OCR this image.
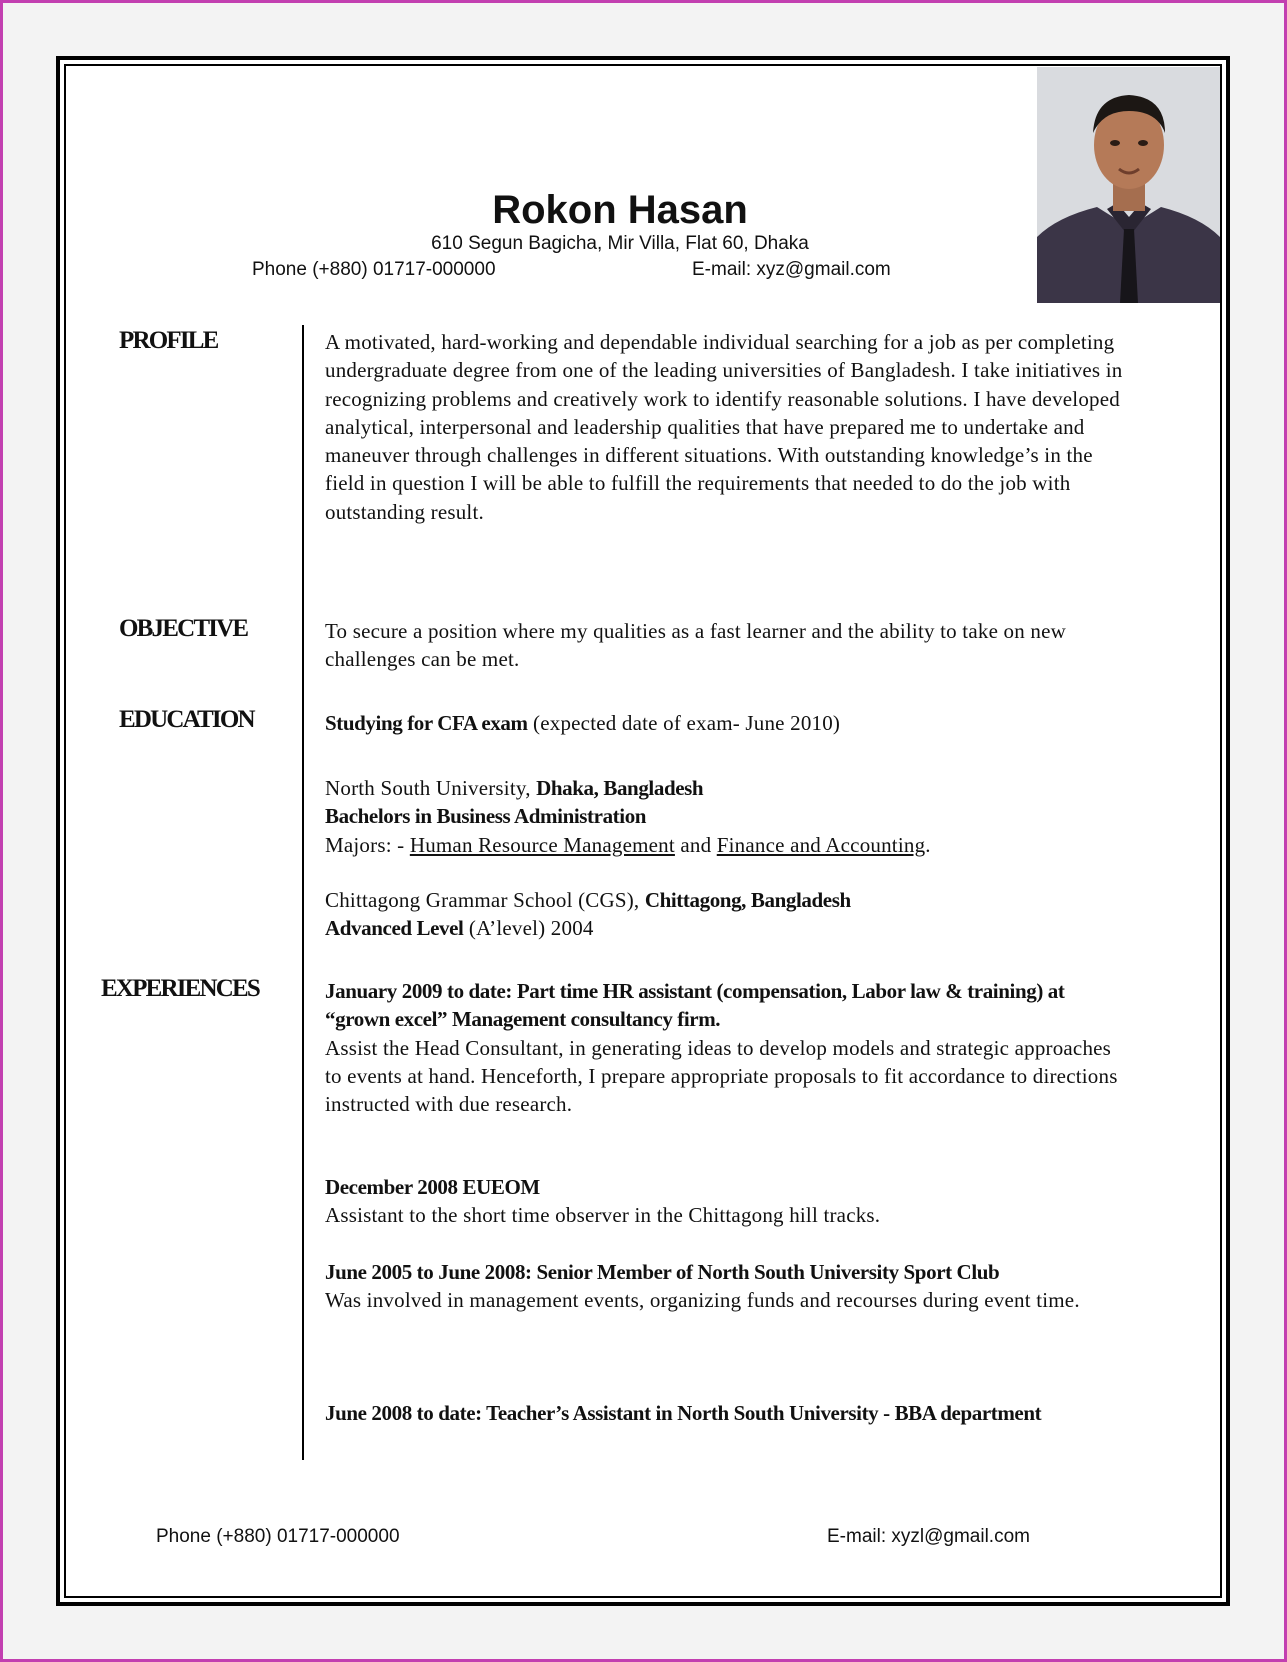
Rokon Hasan
610 Segun Bagicha, Mir Villa, Flat 60, Dhaka
Phone (+880) 01717-000000	E-mail: xyz@gmail.com
PROFILE
OBJECTIVE
EDUCATION
EXPERIENCES
A motivated, hard-working and dependable individual searching for a job as per completing undergraduate degree from one of the leading universities of Bangladesh. I take initiatives in recognizing problems and creatively work to identify reasonable solutions. I have developed analytical, interpersonal and leadership qualities that have prepared me to undertake and maneuver through challenges in different situations. With outstanding knowledge’s in the field in question I will be able to fulfill the requirements that needed to do the job with outstanding result.
To secure a position where my qualities as a fast learner and the ability to take on new challenges can be met.
Studying for CFA exam (expected date of exam- June 2010)
North South University, Dhaka, Bangladesh
Bachelors in Business Administration
Majors: - Human Resource Management and Finance and Accounting.
Chittagong Grammar School (CGS), Chittagong, Bangladesh
Advanced Level (A’level) 2004
January 2009 to date: Part time HR assistant (compensation, Labor law & training) at “grown excel” Management consultancy firm.
Assist the Head Consultant, in generating ideas to develop models and strategic approaches to events at hand. Henceforth, I prepare appropriate proposals to fit accordance to directions instructed with due research.
December 2008 EUEOM
Assistant to the short time observer in the Chittagong hill tracks.
June 2005 to June 2008: Senior Member of North South University Sport Club
Was involved in management events, organizing funds and recourses during event time.
June 2008 to date: Teacher’s Assistant in North South University - BBA department
Phone (+880) 01717-000000	E-mail: xyzl@gmail.com
